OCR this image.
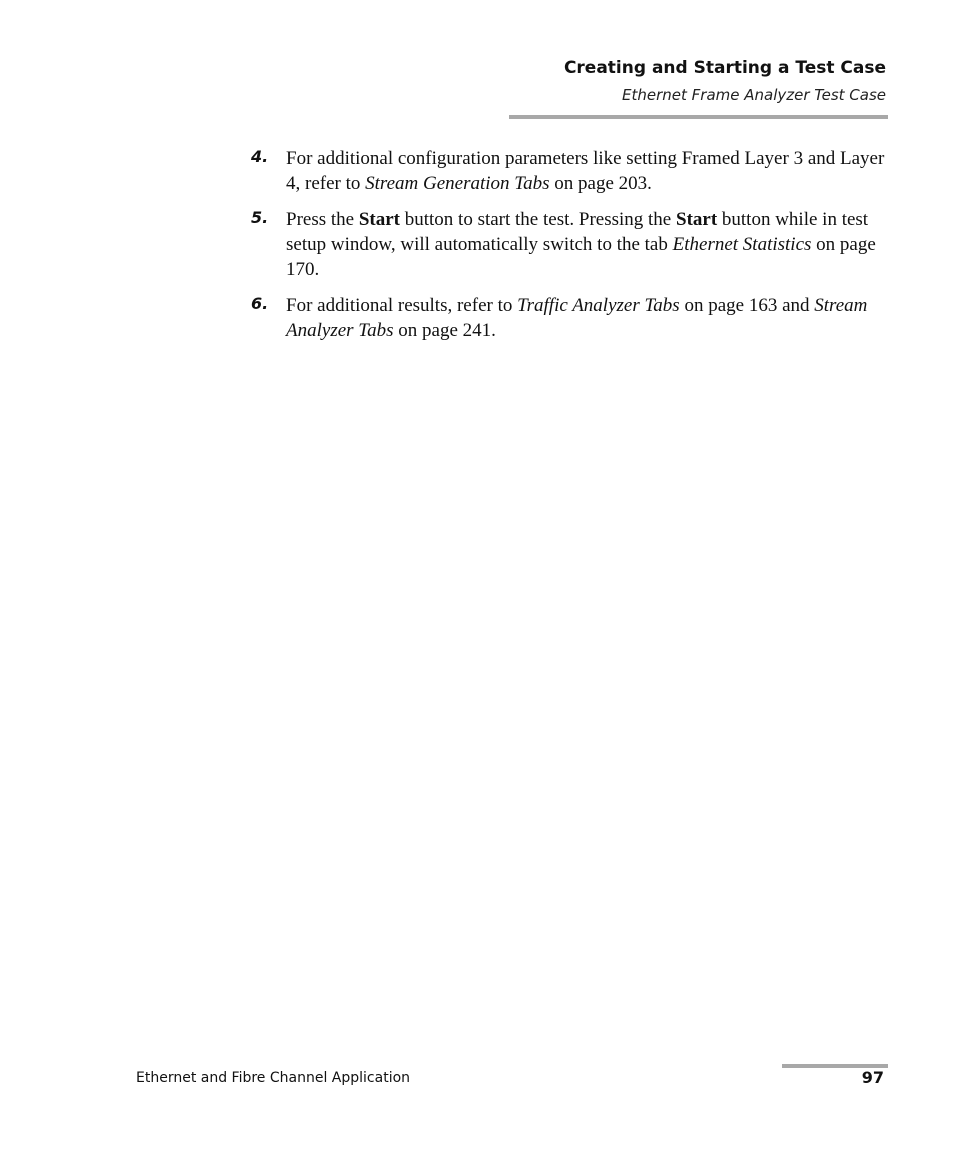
Creating and Starting a Test Case
Ethernet Frame Analyzer Test Case
4. For additional configuration parameters like setting Framed Layer 3 and Layer 4, refer to Stream Generation Tabs on page 203.
5. Press the Start button to start the test. Pressing the Start button while in test setup window, will automatically switch to the tab Ethernet Statistics on page 170.
6. For additional results, refer to Traffic Analyzer Tabs on page 163 and Stream Analyzer Tabs on page 241.
Ethernet and Fibre Channel Application	97
